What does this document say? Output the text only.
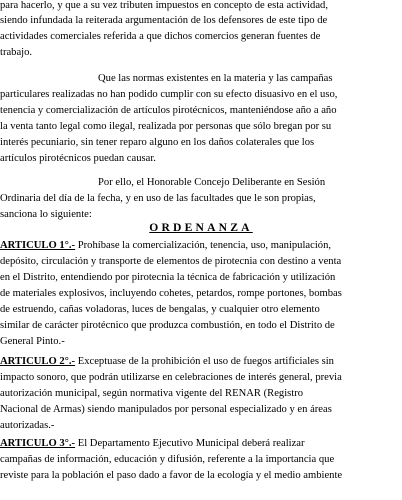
para hacerlo, y que a su vez tributen impuestos en concepto de esta actividad,
siendo infundada la reiterada argumentación de los defensores de este tipo de
actividades comerciales referida a que dichos comercios generan fuentes de
trabajo.
Que las normas existentes en la materia y las campañas
particulares realizadas no han podido cumplir con su efecto disuasivo en el uso,
tenencia y comercialización de artículos pirotécnicos, manteniéndose año a año
la venta tanto legal como ilegal, realizada por personas que sólo bregan por su
interés pecuniario, sin tener reparo alguno en los daños colaterales que los
artículos pirotécnicos puedan causar.
Por ello, el Honorable Concejo Deliberante en Sesión
Ordinaria del día de la fecha, y en uso de las facultades que le son propias,
sanciona lo siguiente:
ORDENANZA
ARTICULO 1°.- Prohíbase la comercialización, tenencia, uso, manipulación,
depósito, circulación y transporte de elementos de pirotecnia con destino a venta
en el Distrito, entendiendo por pirotecnia la técnica de fabricación y utilización
de materiales explosivos, incluyendo cohetes, petardos, rompe portones, bombas
de estruendo, cañas voladoras, luces de bengalas, y cualquier otro elemento
similar de carácter pirotécnico que produzca combustión, en todo el Distrito de
General Pinto.-
ARTICULO 2°.- Exceptuase de la prohibición el uso de fuegos artificiales sin
impacto sonoro, que podrán utilizarse en celebraciones de interés general, previa
autorización municipal, según normativa vigente del RENAR (Registro
Nacional de Armas) siendo manipulados por personal especializado y en áreas
autorizadas.-
ARTICULO 3°.- El Departamento Ejecutivo Municipal deberá realizar
campañas de información, educación y difusión, referente a la importancia que
reviste para la población el paso dado a favor de la ecología y el medio ambiente
